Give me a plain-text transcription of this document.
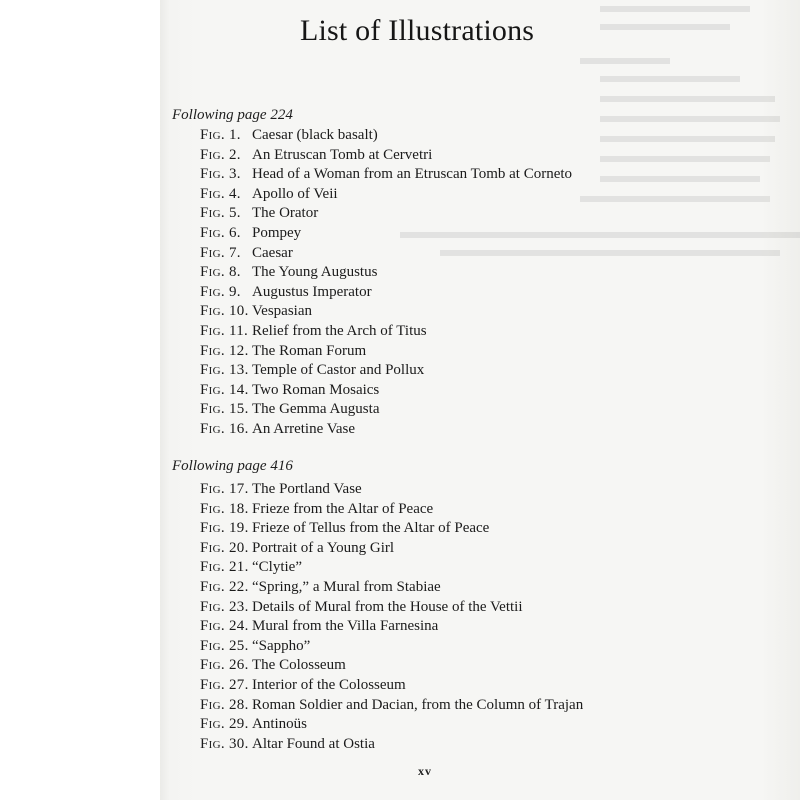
List of Illustrations
Following page 224
Fig. 1. Caesar (black basalt)
Fig. 2. An Etruscan Tomb at Cervetri
Fig. 3. Head of a Woman from an Etruscan Tomb at Corneto
Fig. 4. Apollo of Veii
Fig. 5. The Orator
Fig. 6. Pompey
Fig. 7. Caesar
Fig. 8. The Young Augustus
Fig. 9. Augustus Imperator
Fig. 10. Vespasian
Fig. 11. Relief from the Arch of Titus
Fig. 12. The Roman Forum
Fig. 13. Temple of Castor and Pollux
Fig. 14. Two Roman Mosaics
Fig. 15. The Gemma Augusta
Fig. 16. An Arretine Vase
Following page 416
Fig. 17. The Portland Vase
Fig. 18. Frieze from the Altar of Peace
Fig. 19. Frieze of Tellus from the Altar of Peace
Fig. 20. Portrait of a Young Girl
Fig. 21. “Clytie”
Fig. 22. “Spring,” a Mural from Stabiae
Fig. 23. Details of Mural from the House of the Vettii
Fig. 24. Mural from the Villa Farnesina
Fig. 25. “Sappho”
Fig. 26. The Colosseum
Fig. 27. Interior of the Colosseum
Fig. 28. Roman Soldier and Dacian, from the Column of Trajan
Fig. 29. Antinoüs
Fig. 30. Altar Found at Ostia
xv
